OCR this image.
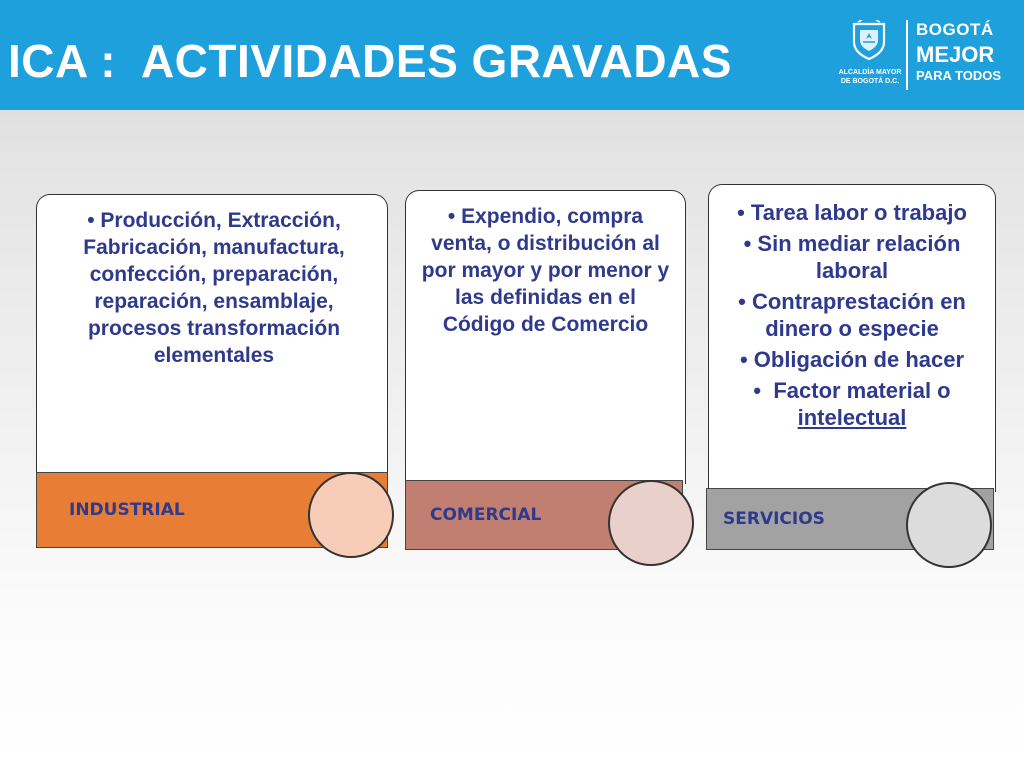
ICA :  ACTIVIDADES GRAVADAS	ALCALDÍA MAYOR
DE BOGOTÁ D.C.
BOGOTÁ
MEJOR
PARA TODOS
• Producción, Extracción, Fabricación, manufactura, confección, preparación, reparación, ensamblaje, procesos transformación elementales
INDUSTRIAL
• Expendio, compra venta, o distribución al por mayor y por menor y las definidas en el Código de Comercio
COMERCIAL
• Tarea labor o trabajo
• Sin mediar relación laboral
• Contraprestación en dinero o especie
• Obligación de hacer
• Factor material o
intelectual
SERVICIOS
